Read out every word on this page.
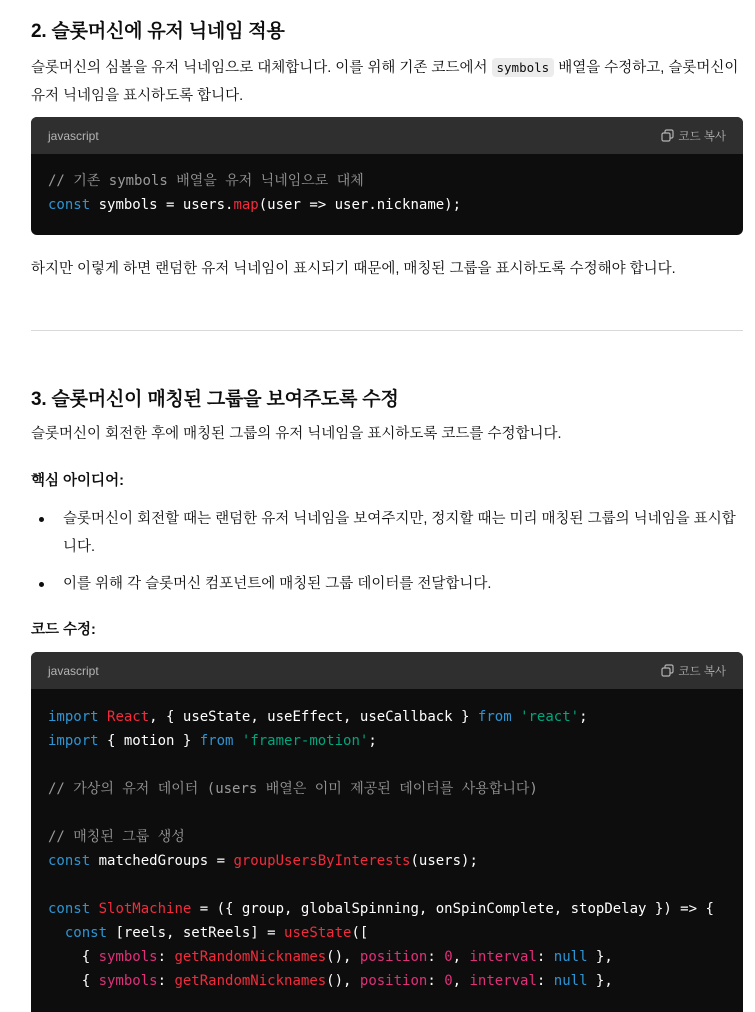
2. 슬롯머신에 유저 닉네임 적용

슬롯머신의 심볼을 유저 닉네임으로 대체합니다. 이를 위해 기존 코드에서 symbols 배열을 수정하고, 슬롯머신이 유저 닉네임을 표시하도록 합니다.

javascript	코드 복사
// 기존 symbols 배열을 유저 닉네임으로 대체
const symbols = users.map(user => user.nickname);

하지만 이렇게 하면 랜덤한 유저 닉네임이 표시되기 때문에, 매칭된 그룹을 표시하도록 수정해야 합니다.

3. 슬롯머신이 매칭된 그룹을 보여주도록 수정

슬롯머신이 회전한 후에 매칭된 그룹의 유저 닉네임을 표시하도록 코드를 수정합니다.

핵심 아이디어:

슬롯머신이 회전할 때는 랜덤한 유저 닉네임을 보여주지만, 정지할 때는 미리 매칭된 그룹의 닉네임을 표시합니다.
이를 위해 각 슬롯머신 컴포넌트에 매칭된 그룹 데이터를 전달합니다.

코드 수정:

javascript	코드 복사
import React, { useState, useEffect, useCallback } from 'react';
import { motion } from 'framer-motion';

// 가상의 유저 데이터 (users 배열은 이미 제공된 데이터를 사용합니다)

// 매칭된 그룹 생성
const matchedGroups = groupUsersByInterests(users);

const SlotMachine = ({ group, globalSpinning, onSpinComplete, stopDelay }) => {
const [reels, setReels] = useState([
{ symbols: getRandomNicknames(), position: 0, interval: null },
{ symbols: getRandomNicknames(), position: 0, interval: null },
